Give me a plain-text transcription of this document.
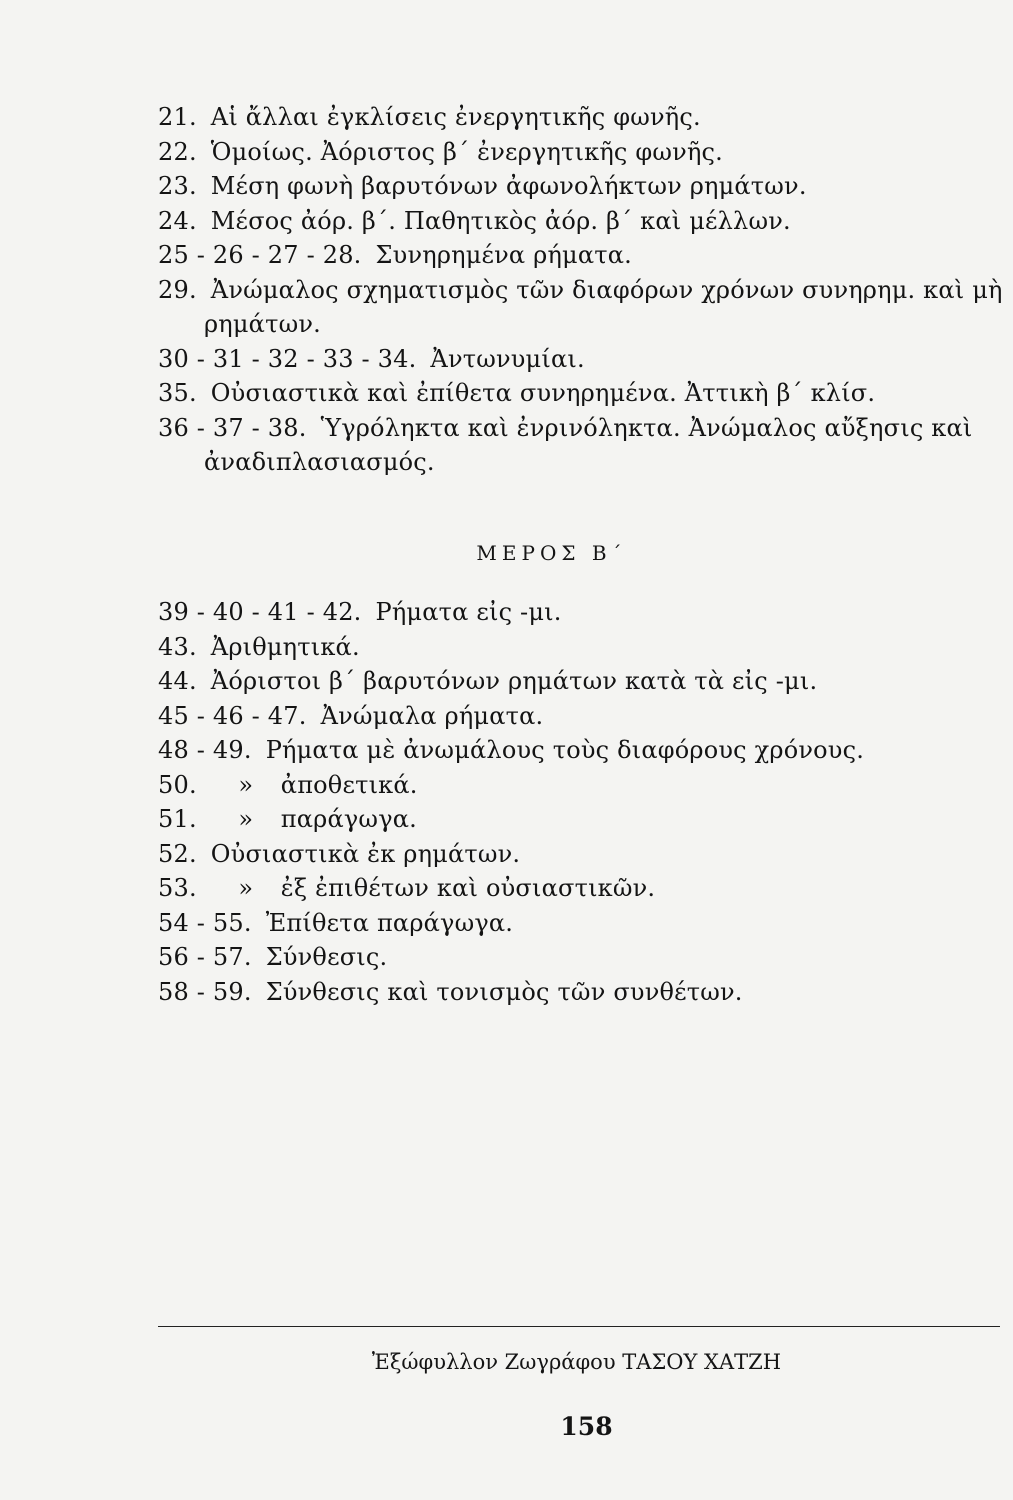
21. Αἱ ἄλλαι ἐγκλίσεις ἐνεργητικῆς φωνῆς.
22. Ὁμοίως. Ἀόριστος β΄ ἐνεργητικῆς φωνῆς.
23. Μέση φωνὴ βαρυτόνων ἀφωνολήκτων ρημάτων.
24. Μέσος ἀόρ. β΄. Παθητικὸς ἀόρ. β΄ καὶ μέλλων.
25 - 26 - 27 - 28. Συνηρημένα ρήματα.
29. Ἀνώμαλος σχηματισμὸς τῶν διαφόρων χρόνων συνηρημ. καὶ μὴ
ρημάτων.
30 - 31 - 32 - 33 - 34. Ἀντωνυμίαι.
35. Οὐσιαστικὰ καὶ ἐπίθετα συνηρημένα. Ἀττικὴ β΄ κλίσ.
36 - 37 - 38. Ὑγρόληκτα καὶ ἐνρινόληκτα. Ἀνώμαλος αὔξησις καὶ
ἀναδιπλασιασμός.
ΜΕΡΟΣ Β΄
39 - 40 - 41 - 42. Ρήματα εἰς -μι.
43. Ἀριθμητικά.
44. Ἀόριστοι β΄ βαρυτόνων ρημάτων κατὰ τὰ εἰς -μι.
45 - 46 - 47. Ἀνώμαλα ρήματα.
48 - 49. Ρήματα μὲ ἀνωμάλους τοὺς διαφόρους χρόνους.
50. » ἀποθετικά.
51. » παράγωγα.
52. Οὐσιαστικὰ ἐκ ρημάτων.
53. » ἐξ ἐπιθέτων καὶ οὐσιαστικῶν.
54 - 55. Ἐπίθετα παράγωγα.
56 - 57. Σύνθεσις.
58 - 59. Σύνθεσις καὶ τονισμὸς τῶν συνθέτων.
Ἐξώφυλλον Ζωγράφου ΤΑΣΟΥ ΧΑΤΖΗ
158
